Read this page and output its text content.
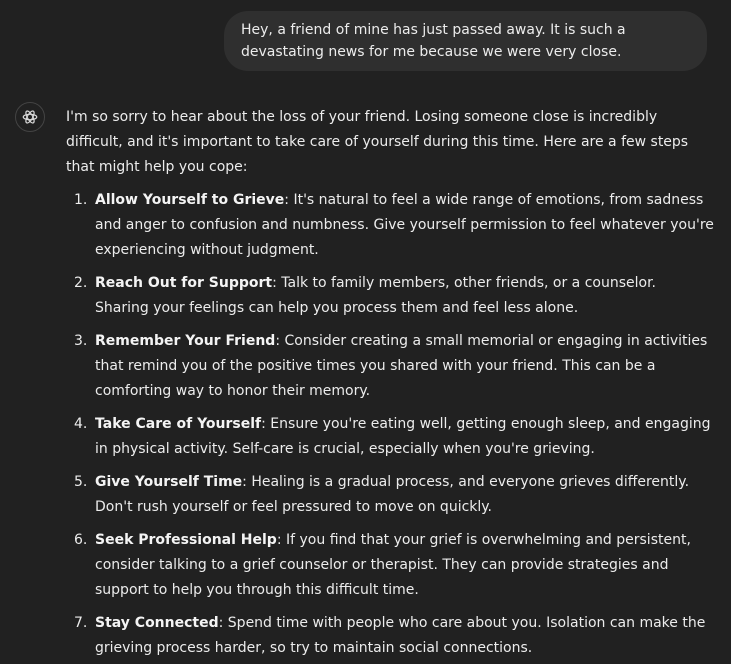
Hey, a friend of mine has just passed away. It is such a devastating news for me because we were very close.

I'm so sorry to hear about the loss of your friend. Losing someone close is incredibly difficult, and it's important to take care of yourself during this time. Here are a few steps that might help you cope:

1. Allow Yourself to Grieve: It's natural to feel a wide range of emotions, from sadness and anger to confusion and numbness. Give yourself permission to feel whatever you're experiencing without judgment.
2. Reach Out for Support: Talk to family members, other friends, or a counselor. Sharing your feelings can help you process them and feel less alone.
3. Remember Your Friend: Consider creating a small memorial or engaging in activities that remind you of the positive times you shared with your friend. This can be a comforting way to honor their memory.
4. Take Care of Yourself: Ensure you're eating well, getting enough sleep, and engaging in physical activity. Self-care is crucial, especially when you're grieving.
5. Give Yourself Time: Healing is a gradual process, and everyone grieves differently. Don't rush yourself or feel pressured to move on quickly.
6. Seek Professional Help: If you find that your grief is overwhelming and persistent, consider talking to a grief counselor or therapist. They can provide strategies and support to help you through this difficult time.
7. Stay Connected: Spend time with people who care about you. Isolation can make the grieving process harder, so try to maintain social connections.
